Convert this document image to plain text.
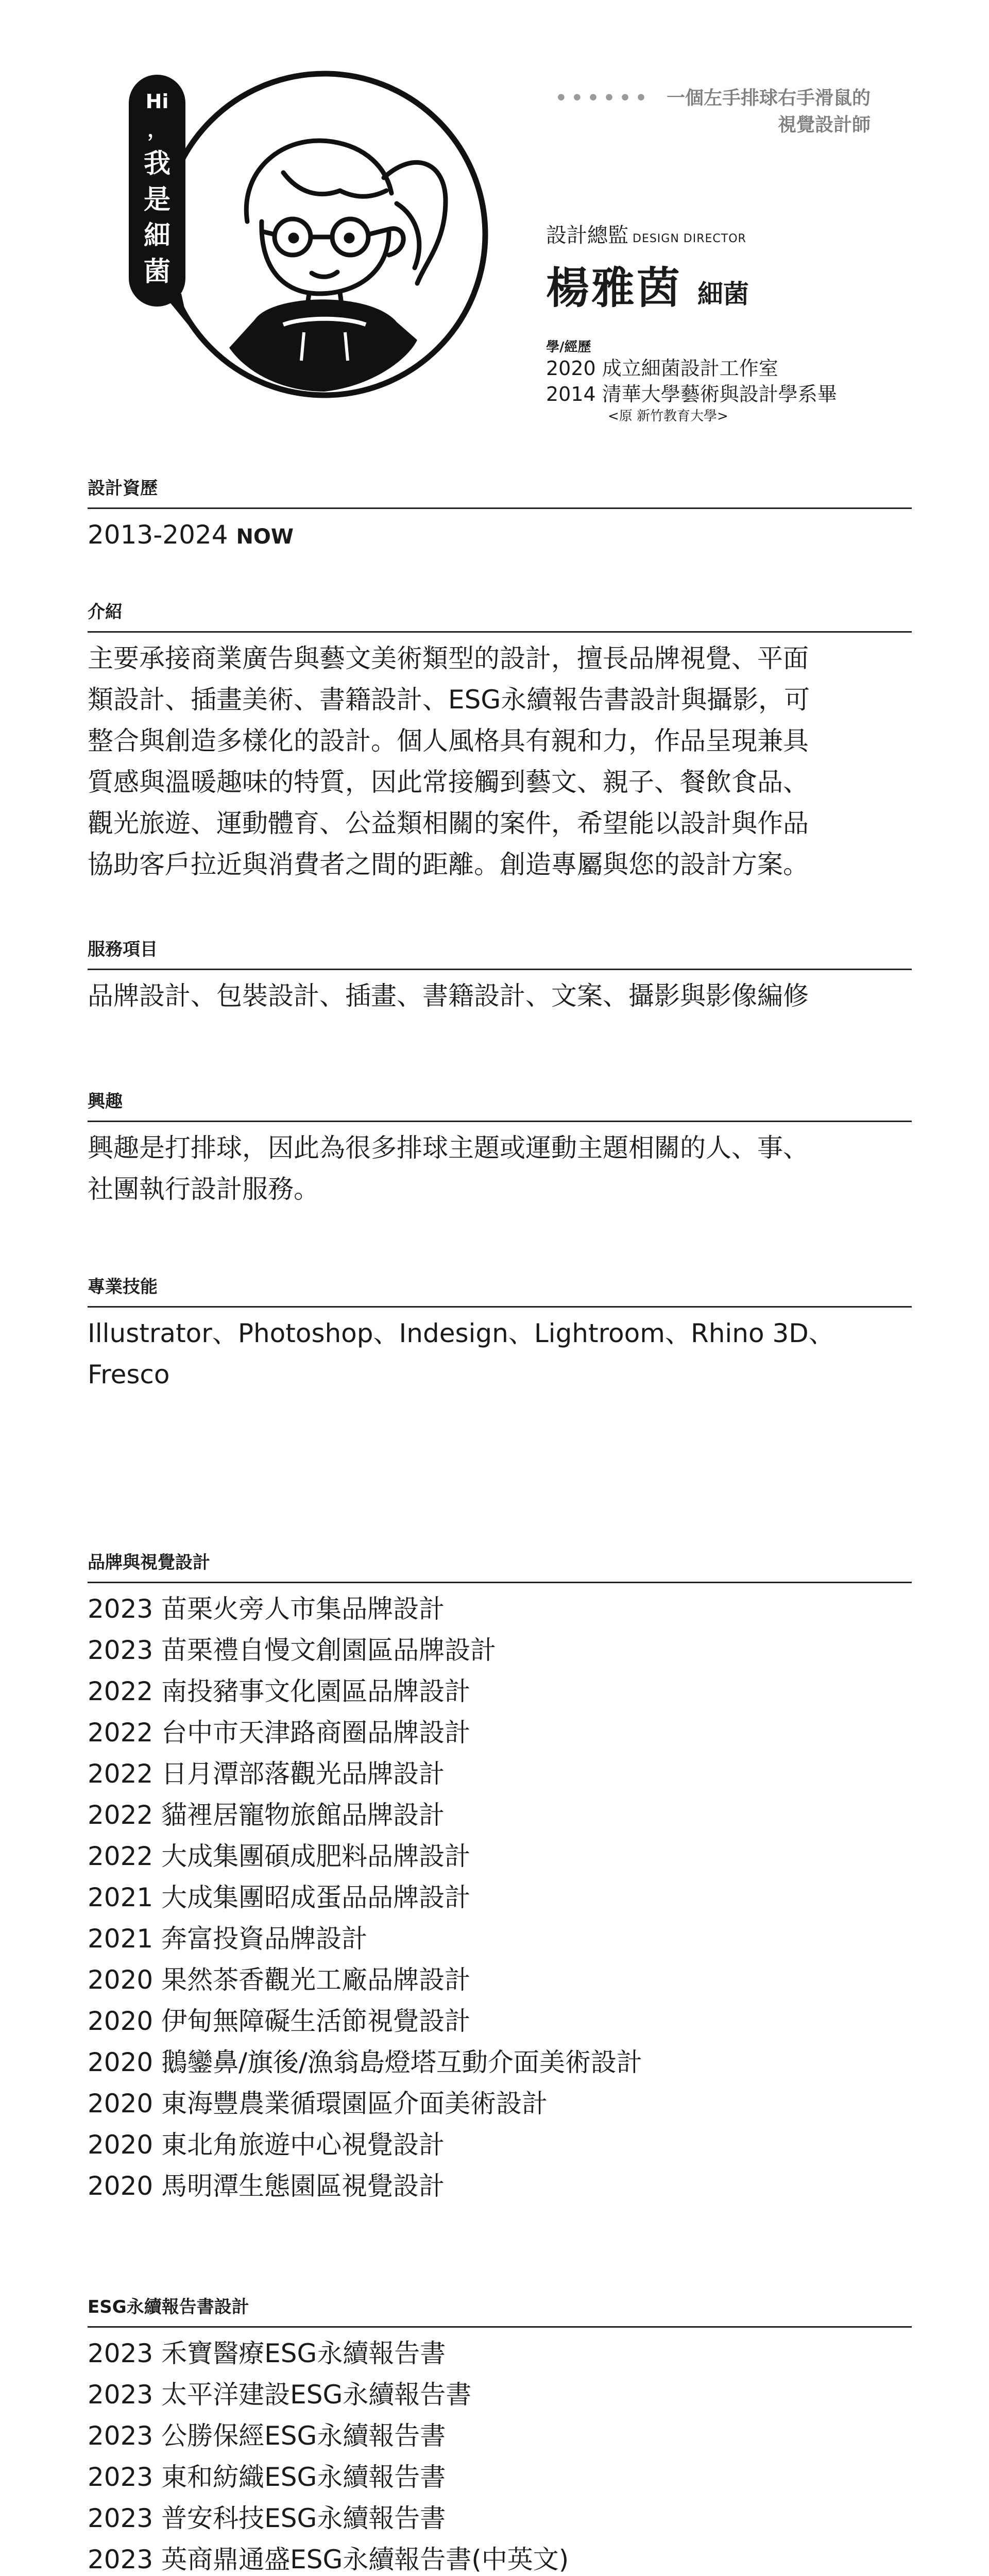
Hi
，
我
是
細
菌
•••••• 一個左手排球右手滑鼠的
視覺設計師
設計總監 DESIGN DIRECTOR
楊雅茵 細菌
學/經歷
2020 成立細菌設計工作室
2014 清華大學藝術與設計學系畢
<原 新竹教育大學>
設計資歷
2013-2024 NOW
介紹
主要承接商業廣告與藝文美術類型的設計，擅長品牌視覺、平面
類設計、插畫美術、書籍設計、ESG永續報告書設計與攝影，可
整合與創造多樣化的設計。個人風格具有親和力，作品呈現兼具
質感與溫暖趣味的特質，因此常接觸到藝文、親子、餐飲食品、
觀光旅遊、運動體育、公益類相關的案件，希望能以設計與作品
協助客戶拉近與消費者之間的距離。創造專屬與您的設計方案。
服務項目
品牌設計、包裝設計、插畫、書籍設計、文案、攝影與影像編修
興趣
興趣是打排球，因此為很多排球主題或運動主題相關的人、事、
社團執行設計服務。
專業技能
Illustrator、Photoshop、Indesign、Lightroom、Rhino 3D、
Fresco
品牌與視覺設計
2023 苗栗火旁人市集品牌設計
2023 苗栗禮自慢文創園區品牌設計
2022 南投豬事文化園區品牌設計
2022 台中市天津路商圈品牌設計
2022 日月潭部落觀光品牌設計
2022 貓裡居寵物旅館品牌設計
2022 大成集團碩成肥料品牌設計
2021 大成集團昭成蛋品品牌設計
2021 奔富投資品牌設計
2020 果然茶香觀光工廠品牌設計
2020 伊甸無障礙生活節視覺設計
2020 鵝鑾鼻/旗後/漁翁島燈塔互動介面美術設計
2020 東海豐農業循環園區介面美術設計
2020 東北角旅遊中心視覺設計
2020 馬明潭生態園區視覺設計
ESG永續報告書設計
2023 禾寶醫療ESG永續報告書
2023 太平洋建設ESG永續報告書
2023 公勝保經ESG永續報告書
2023 東和紡織ESG永續報告書
2023 普安科技ESG永續報告書
2023 英商鼎通盛ESG永續報告書(中英文)
